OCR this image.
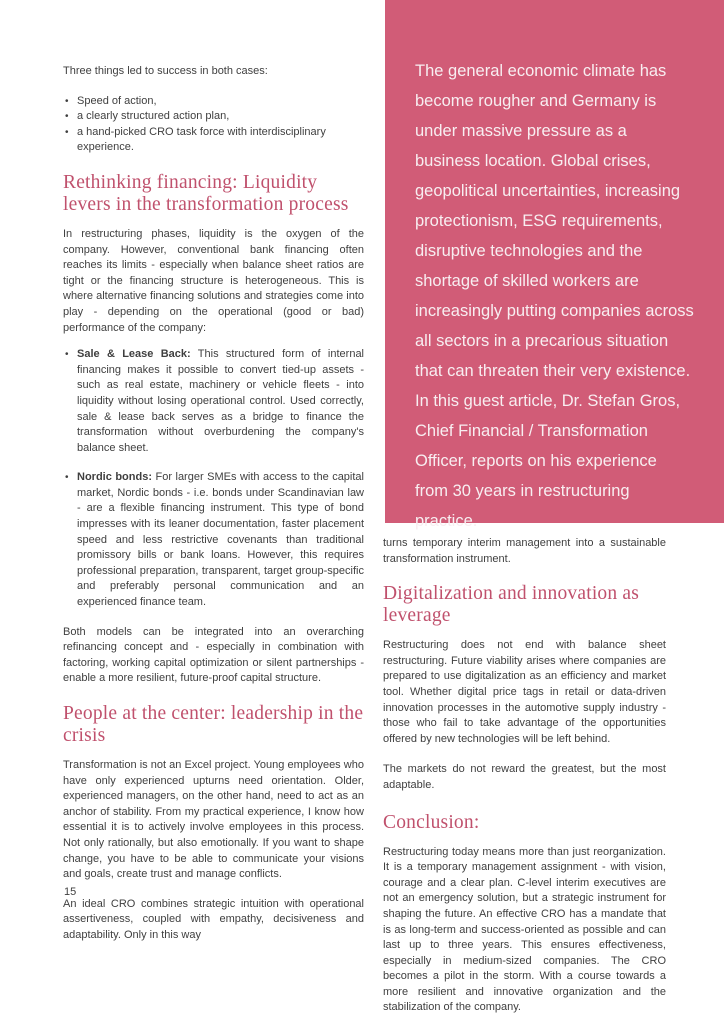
Three things led to success in both cases:

• Speed of action,
• a clearly structured action plan,
• a hand-picked CRO task force with interdisciplinary experience.
Rethinking financing: Liquidity levers in the transformation process

In restructuring phases, liquidity is the oxygen of the company. However, conventional bank financing often reaches its limits - especially when balance sheet ratios are tight or the financing structure is heterogeneous. This is where alternative financing solutions and strategies come into play - depending on the operational (good or bad) performance of the company:

• Sale & Lease Back: This structured form of internal financing makes it possible to convert tied-up assets - such as real estate, machinery or vehicle fleets - into liquidity without losing operational control. Used correctly, sale & lease back serves as a bridge to finance the transformation without overburdening the company's balance sheet.
• Nordic bonds: For larger SMEs with access to the capital market, Nordic bonds - i.e. bonds under Scandinavian law - are a flexible financing instrument. This type of bond impresses with its leaner documentation, faster placement speed and less restrictive covenants than traditional promissory bills or bank loans. However, this requires professional preparation, transparent, target group-specific and preferably personal communication and an experienced finance team.

Both models can be integrated into an overarching refinancing concept and - especially in combination with factoring, working capital optimization or silent partnerships - enable a more resilient, future-proof capital structure.

People at the center: leadership in the crisis

Transformation is not an Excel project. Young employees who have only experienced upturns need orientation. Older, experienced managers, on the other hand, need to act as an anchor of stability. From my practical experience, I know how essential it is to actively involve employees in this process. Not only rationally, but also emotionally. If you want to shape change, you have to be able to communicate your visions and goals, create trust and manage conflicts.

An ideal CRO combines strategic intuition with operational assertiveness, coupled with empathy, decisiveness and adaptability. Only in this way

The general economic climate has become rougher and Germany is under massive pressure as a business location. Global crises, geopolitical uncertainties, increasing protectionism, ESG requirements, disruptive technologies and the shortage of skilled workers are increasingly putting companies across all sectors in a precarious situation that can threaten their very existence.
In this guest article, Dr. Stefan Gros, Chief Financial / Transformation Officer, reports on his experience from 30 years in restructuring practice.

turns temporary interim management into a sustainable transformation instrument.

Digitalization and innovation as leverage

Restructuring does not end with balance sheet restructuring. Future viability arises where companies are prepared to use digitalization as an efficiency and market tool. Whether digital price tags in retail or data-driven innovation processes in the automotive supply industry - those who fail to take advantage of the opportunities offered by new technologies will be left behind.

The markets do not reward the greatest, but the most adaptable.

Conclusion:

Restructuring today means more than just reorganization. It is a temporary management assignment - with vision, courage and a clear plan. C-level interim executives are not an emergency solution, but a strategic instrument for shaping the future. An effective CRO has a mandate that is as long-term and success-oriented as possible and can last up to three years. This ensures effectiveness, especially in medium-sized companies. The CRO becomes a pilot in the storm. With a course towards a more resilient and innovative organization and the stabilization of the company.

15
